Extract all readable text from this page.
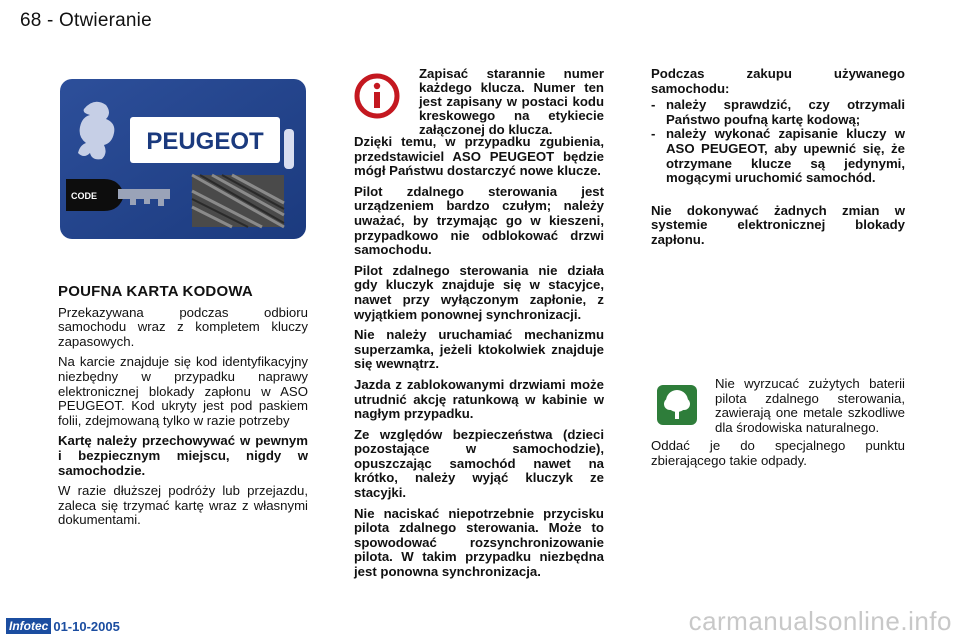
68 - Otwieranie
PEUGEOT
CODE

POUFNA KARTA KODOWA

Przekazywana podczas odbioru samochodu wraz z kompletem kluczy zapasowych.

Na karcie znajduje się kod identyfikacyjny niezbędny w przypadku naprawy elektronicznej blokady zapłonu w ASO PEUGEOT. Kod ukryty jest pod paskiem folii, zdejmowaną tylko w razie potrzeby

Kartę należy przechowywać w pewnym i bezpiecznym miejscu, nigdy w samochodzie.

W razie dłuższej podróży lub przejazdu, zaleca się trzymać kartę wraz z własnymi dokumentami.

Zapisać starannie numer każdego klucza. Numer ten jest zapisany w postaci kodu kreskowego na etykiecie załączonej do klucza.

Dzięki temu, w przypadku zgubienia, przedstawiciel ASO PEUGEOT będzie mógł Państwu dostarczyć nowe klucze.

Pilot zdalnego sterowania jest urządzeniem bardzo czułym; należy uważać, by trzymając go w kieszeni, przypadkowo nie odblokować drzwi samochodu.

Pilot zdalnego sterowania nie działa gdy kluczyk znajduje się w stacyjce, nawet przy wyłączonym zapłonie, z wyjątkiem ponownej synchronizacji.

Nie należy uruchamiać mechanizmu superzamka, jeżeli ktokolwiek znajduje się wewnątrz.

Jazda z zablokowanymi drzwiami może utrudnić akcję ratunkową w kabinie w nagłym przypadku.

Ze względów bezpieczeństwa (dzieci pozostające w samochodzie), opuszczając samochód nawet na krótko, należy wyjąć kluczyk ze stacyjki.

Nie naciskać niepotrzebnie przycisku pilota zdalnego sterowania. Może to spowodować rozsynchronizowanie pilota. W takim przypadku niezbędna jest ponowna synchronizacja.

Podczas zakupu używanego samochodu:

- należy sprawdzić, czy otrzymali Państwo poufną kartę kodową;
- należy wykonać zapisanie kluczy w ASO PEUGEOT, aby upewnić się, że otrzymane klucze są jedynymi, mogącymi uruchomić samochód.

Nie dokonywać żadnych zmian w systemie elektronicznej blokady zapłonu.

Nie wyrzucać zużytych baterii pilota zdalnego sterowania, zawierają one metale szkodliwe dla środowiska naturalnego.
Oddać je do specjalnego punktu zbierającego takie odpady.
Infotec 01-10-2005	carmanualsonline.info
